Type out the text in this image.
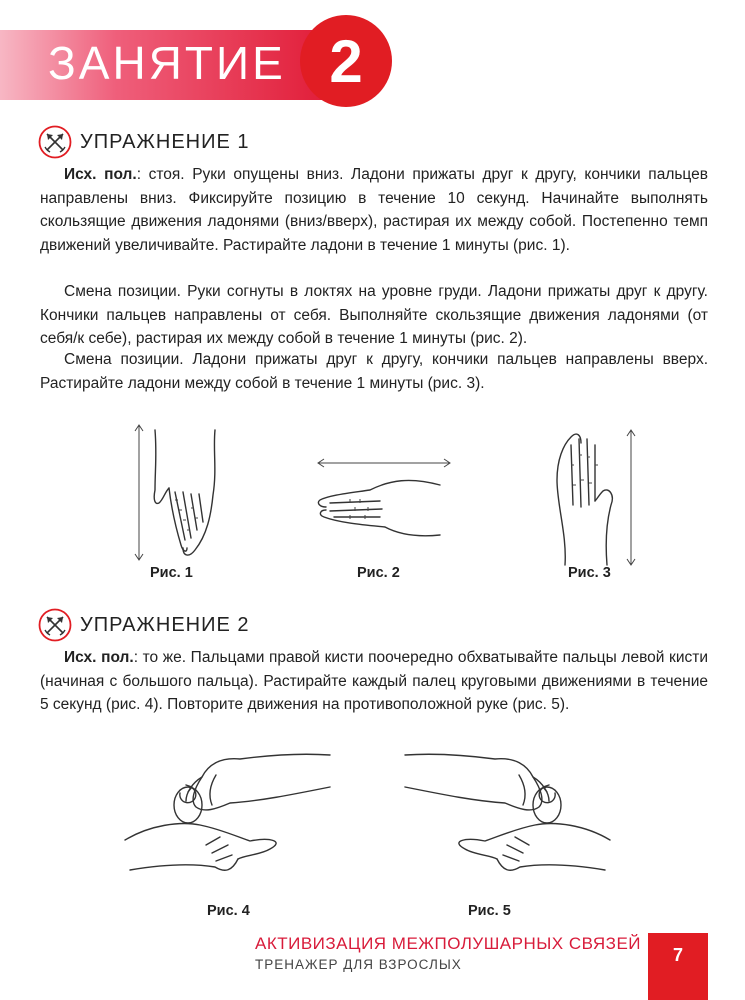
ЗАНЯТИЕ 2
УПРАЖНЕНИЕ 1

Исх. пол.: стоя. Руки опущены вниз. Ладони прижаты друг к другу, кончики пальцев направлены вниз. Фиксируйте позицию в течение 10 секунд. Начинайте выполнять скользящие движения ладонями (вниз/вверх), растирая их между собой. Постепенно темп движений увеличивайте. Растирайте ладони в течение 1 минуты (рис. 1).

Смена позиции. Руки согнуты в локтях на уровне груди. Ладони прижаты друг к другу. Кончики пальцев направлены от себя. Выполняйте скользящие движения ладонями (от себя/к себе), растирая их между собой в течение 1 минуты (рис. 2).

Смена позиции. Ладони прижаты друг к другу, кончики пальцев направлены вверх. Растирайте ладони между собой в течение 1 минуты (рис. 3).

Рис. 1	Рис. 2	Рис. 3
УПРАЖНЕНИЕ 2

Исх. пол.: то же. Пальцами правой кисти поочередно обхватывайте пальцы левой кисти (начиная с большого пальца). Растирайте каждый палец круговыми движениями в течение 5 секунд (рис. 4). Повторите движения на противоположной руке (рис. 5).

Рис. 4	Рис. 5
АКТИВИЗАЦИЯ МЕЖПОЛУШАРНЫХ СВЯЗЕЙ
ТРЕНАЖЕР ДЛЯ ВЗРОСЛЫХ	7
